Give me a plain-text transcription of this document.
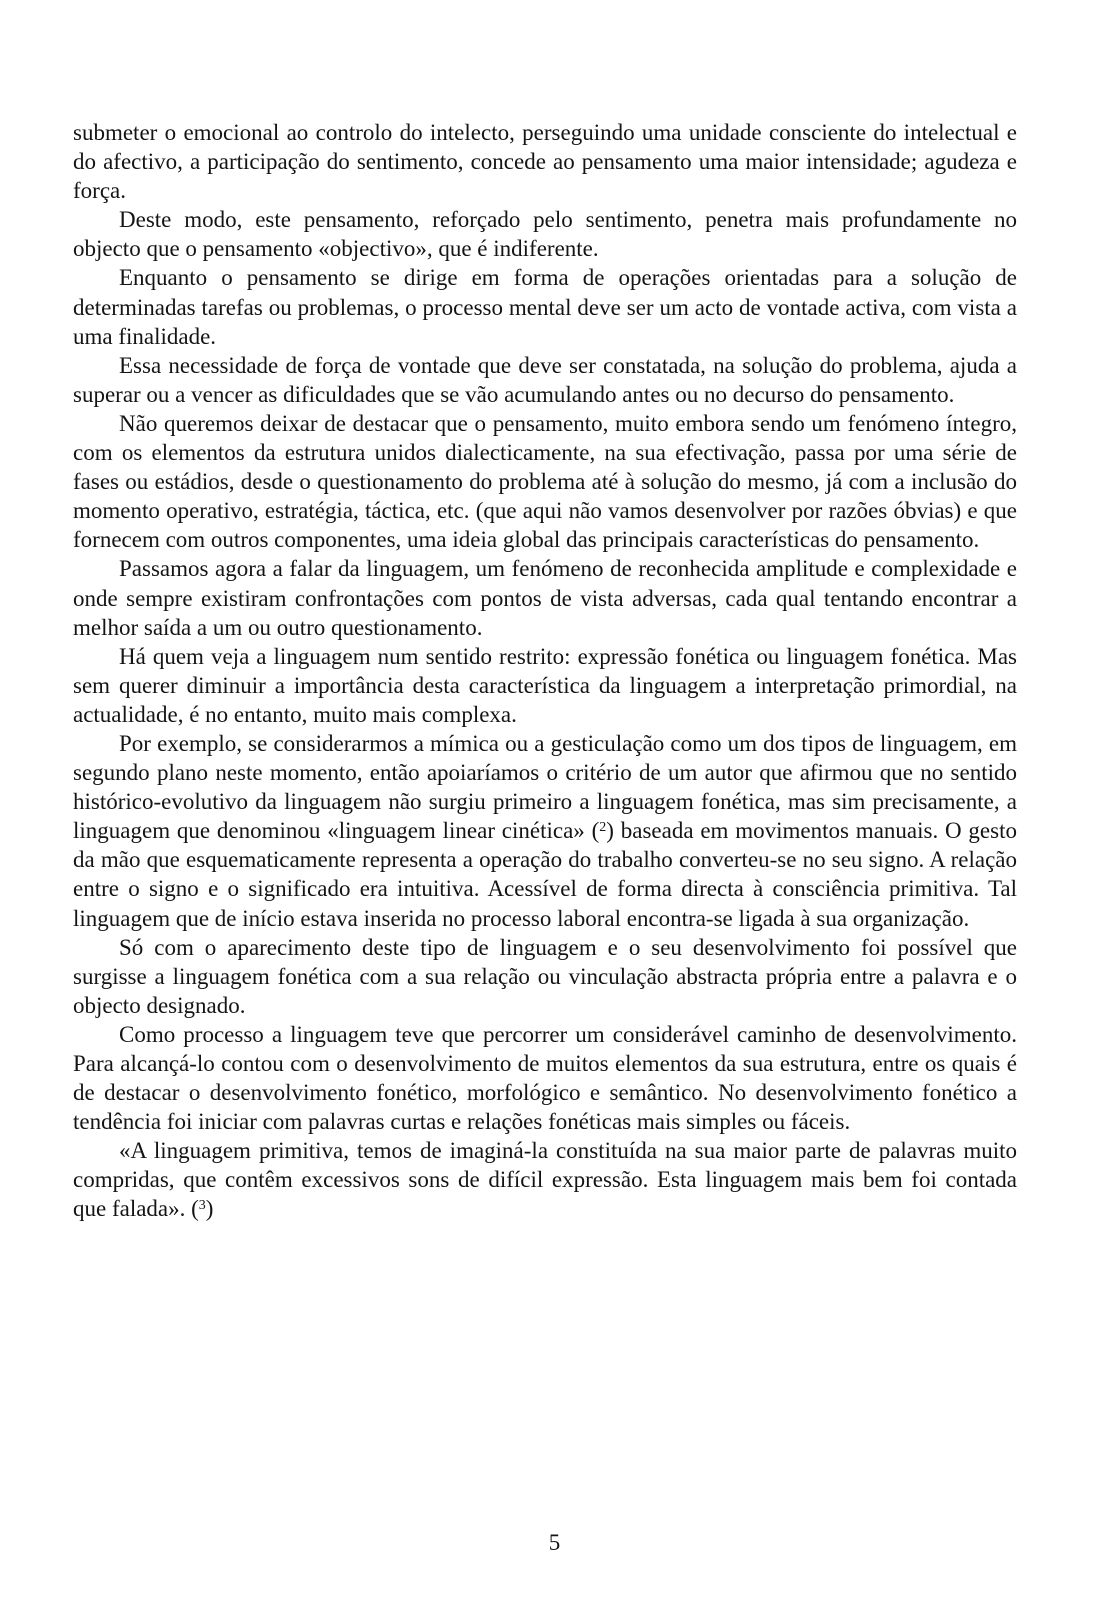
submeter o emocional ao controlo do intelecto, perseguindo uma unidade consciente do intelectual e do afectivo, a participação do sentimento, concede ao pensamento uma maior intensidade; agudeza e força.

Deste modo, este pensamento, reforçado pelo sentimento, penetra mais profundamente no objecto que o pensamento «objectivo», que é indiferente.

Enquanto o pensamento se dirige em forma de operações orientadas para a solução de determinadas tarefas ou problemas, o processo mental deve ser um acto de vontade activa, com vista a uma finalidade.

Essa necessidade de força de vontade que deve ser constatada, na solução do problema, ajuda a superar ou a vencer as dificuldades que se vão acumulando antes ou no decurso do pensamento.

Não queremos deixar de destacar que o pensamento, muito embora sendo um fenómeno íntegro, com os elementos da estrutura unidos dialecticamente, na sua efectivação, passa por uma série de fases ou estádios, desde o questionamento do problema até à solução do mesmo, já com a inclusão do momento operativo, estratégia, táctica, etc. (que aqui não vamos desenvolver por razões óbvias) e que fornecem com outros componentes, uma ideia global das principais características do pensamento.

Passamos agora a falar da linguagem, um fenómeno de reconhecida amplitude e complexidade e onde sempre existiram confrontações com pontos de vista adversas, cada qual tentando encontrar a melhor saída a um ou outro questionamento.

Há quem veja a linguagem num sentido restrito: expressão fonética ou linguagem fonética. Mas sem querer diminuir a importância desta característica da linguagem a interpretação primordial, na actualidade, é no entanto, muito mais complexa.

Por exemplo, se considerarmos a mímica ou a gesticulação como um dos tipos de linguagem, em segundo plano neste momento, então apoiaríamos o critério de um autor que afirmou que no sentido histórico-evolutivo da linguagem não surgiu primeiro a linguagem fonética, mas sim precisamente, a linguagem que denominou «linguagem linear cinética» ($^2$) baseada em movimentos manuais. O gesto da mão que esquematicamente representa a operação do trabalho converteu-se no seu signo. A relação entre o signo e o significado era intuitiva. Acessível de forma directa à consciência primitiva. Tal linguagem que de início estava inserida no processo laboral encontra-se ligada à sua organização.

Só com o aparecimento deste tipo de linguagem e o seu desenvolvimento foi possível que surgisse a linguagem fonética com a sua relação ou vinculação abstracta própria entre a palavra e o objecto designado.

Como processo a linguagem teve que percorrer um considerável caminho de desenvolvimento. Para alcançá-lo contou com o desenvolvimento de muitos elementos da sua estrutura, entre os quais é de destacar o desenvolvimento fonético, morfológico e semântico. No desenvolvimento fonético a tendência foi iniciar com palavras curtas e relações fonéticas mais simples ou fáceis.

«A linguagem primitiva, temos de imaginá-la constituída na sua maior parte de palavras muito compridas, que contêm excessivos sons de difícil expressão. Esta linguagem mais bem foi contada que falada». ($^3$)

5
